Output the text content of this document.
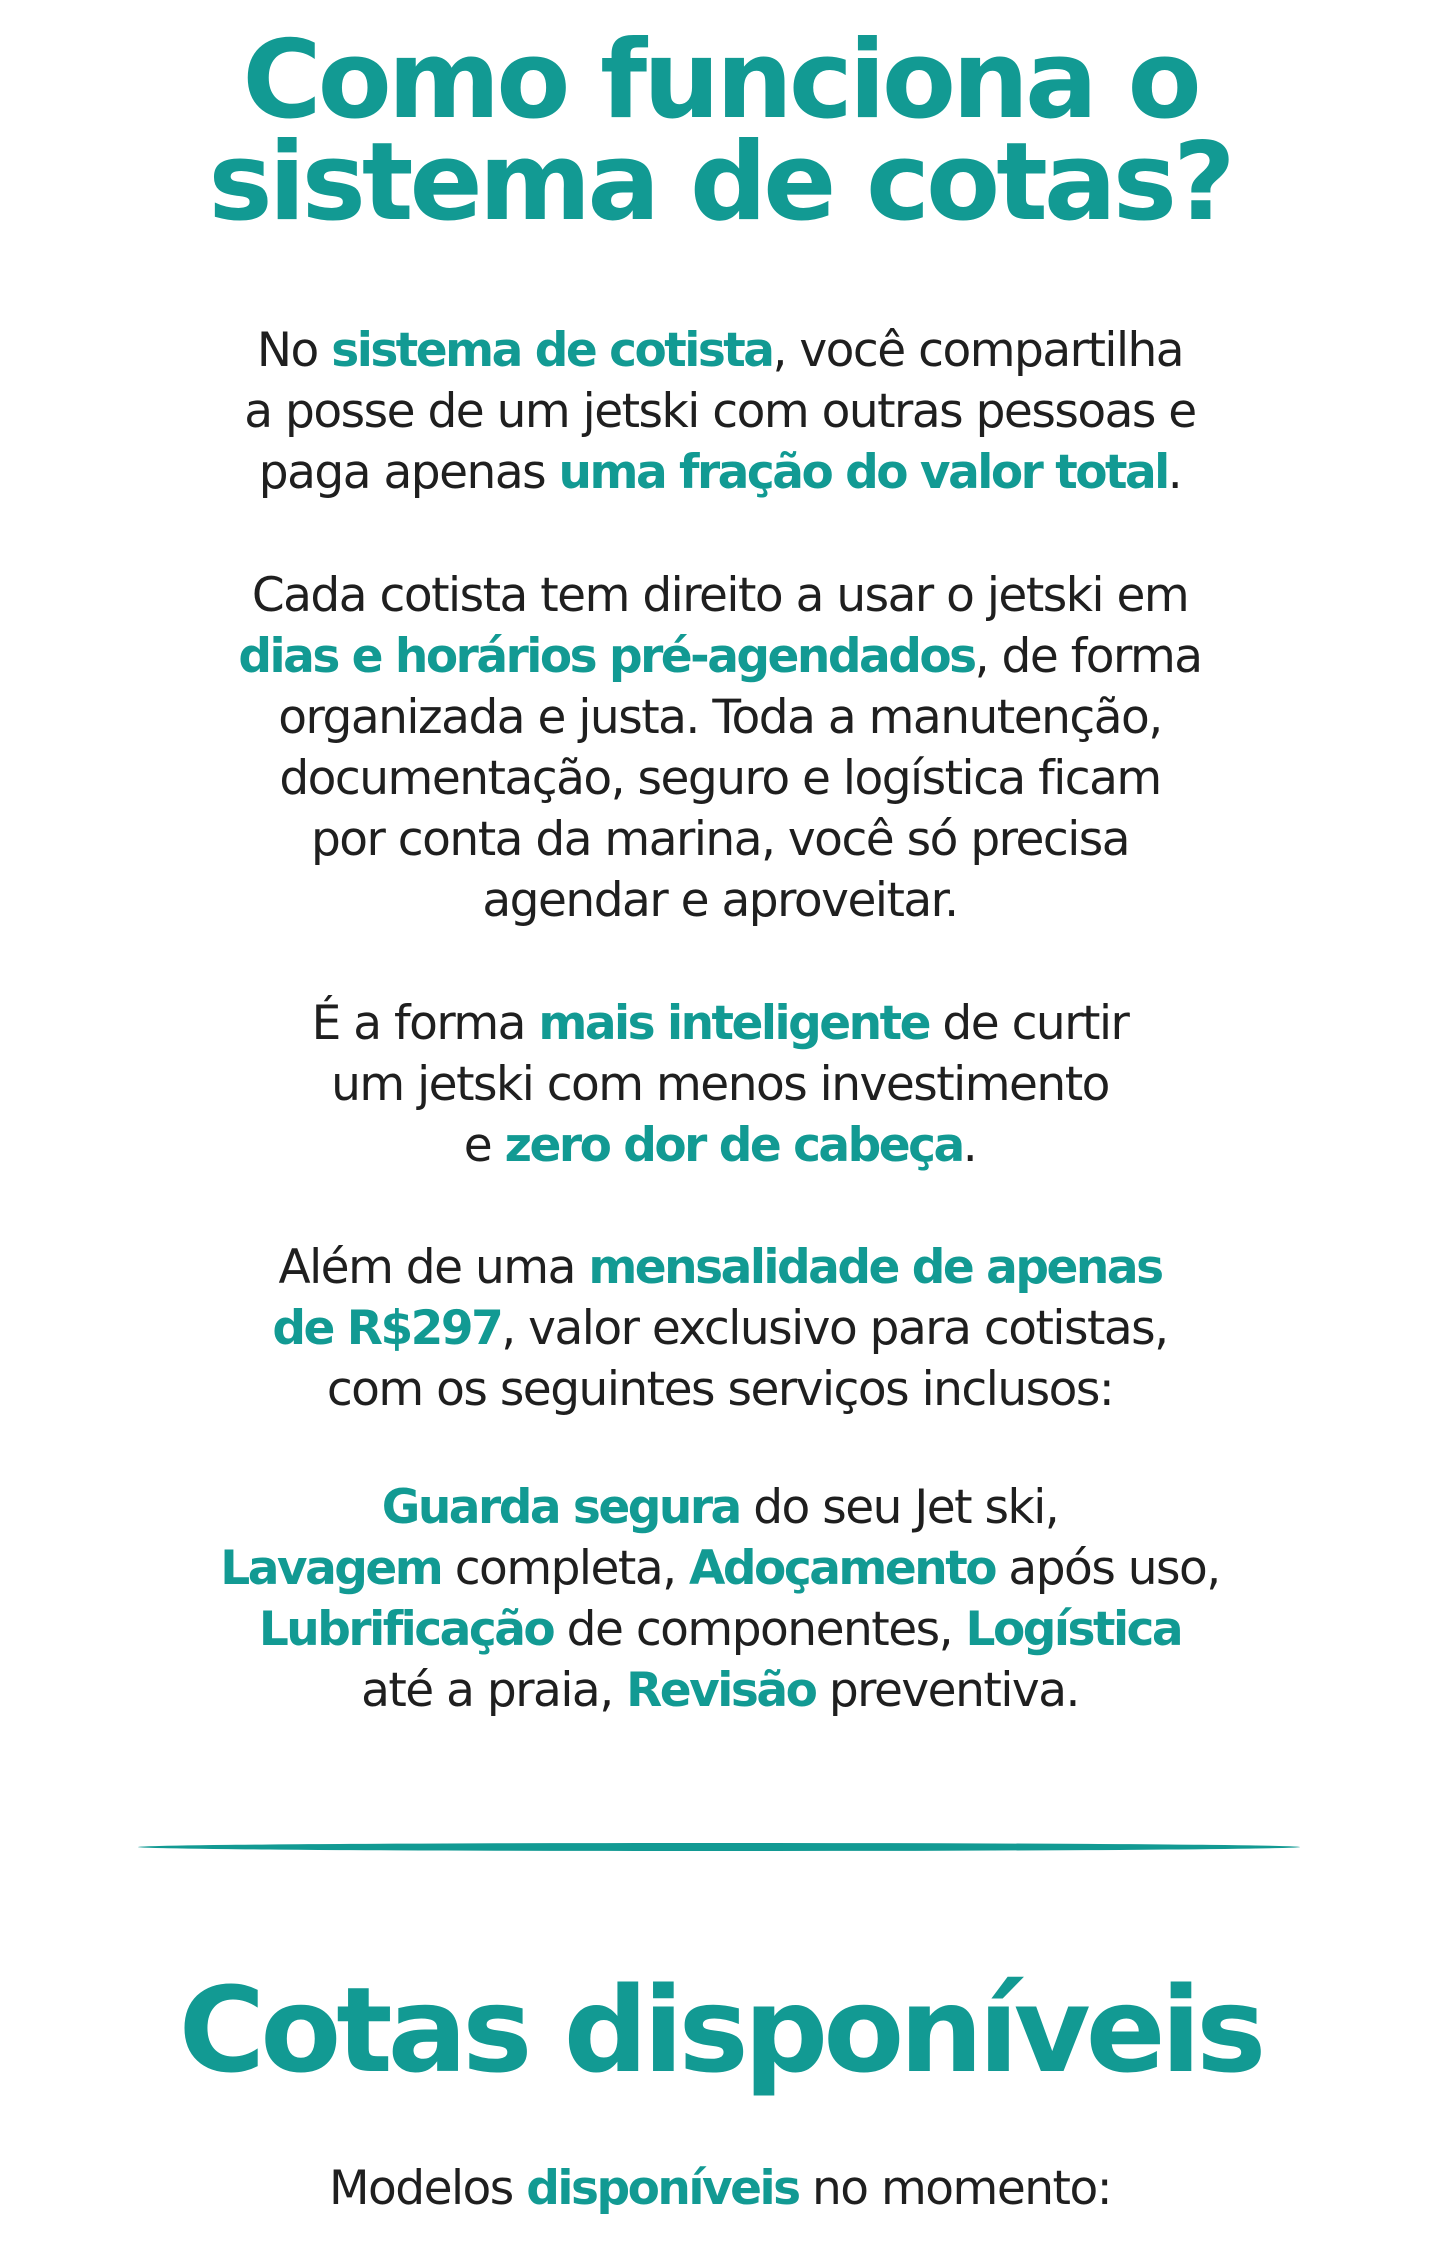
Como funciona o
sistema de cotas?

No sistema de cotista, você compartilha
a posse de um jetski com outras pessoas e
paga apenas uma fração do valor total.

Cada cotista tem direito a usar o jetski em
dias e horários pré-agendados, de forma
organizada e justa. Toda a manutenção,
documentação, seguro e logística ficam
por conta da marina, você só precisa
agendar e aproveitar.

É a forma mais inteligente de curtir
um jetski com menos investimento
e zero dor de cabeça.

Além de uma mensalidade de apenas
de R$297, valor exclusivo para cotistas,
com os seguintes serviços inclusos:

Guarda segura do seu Jet ski,
Lavagem completa, Adoçamento após uso,
Lubrificação de componentes, Logística
até a praia, Revisão preventiva.

Cotas disponíveis

Modelos disponíveis no momento:
